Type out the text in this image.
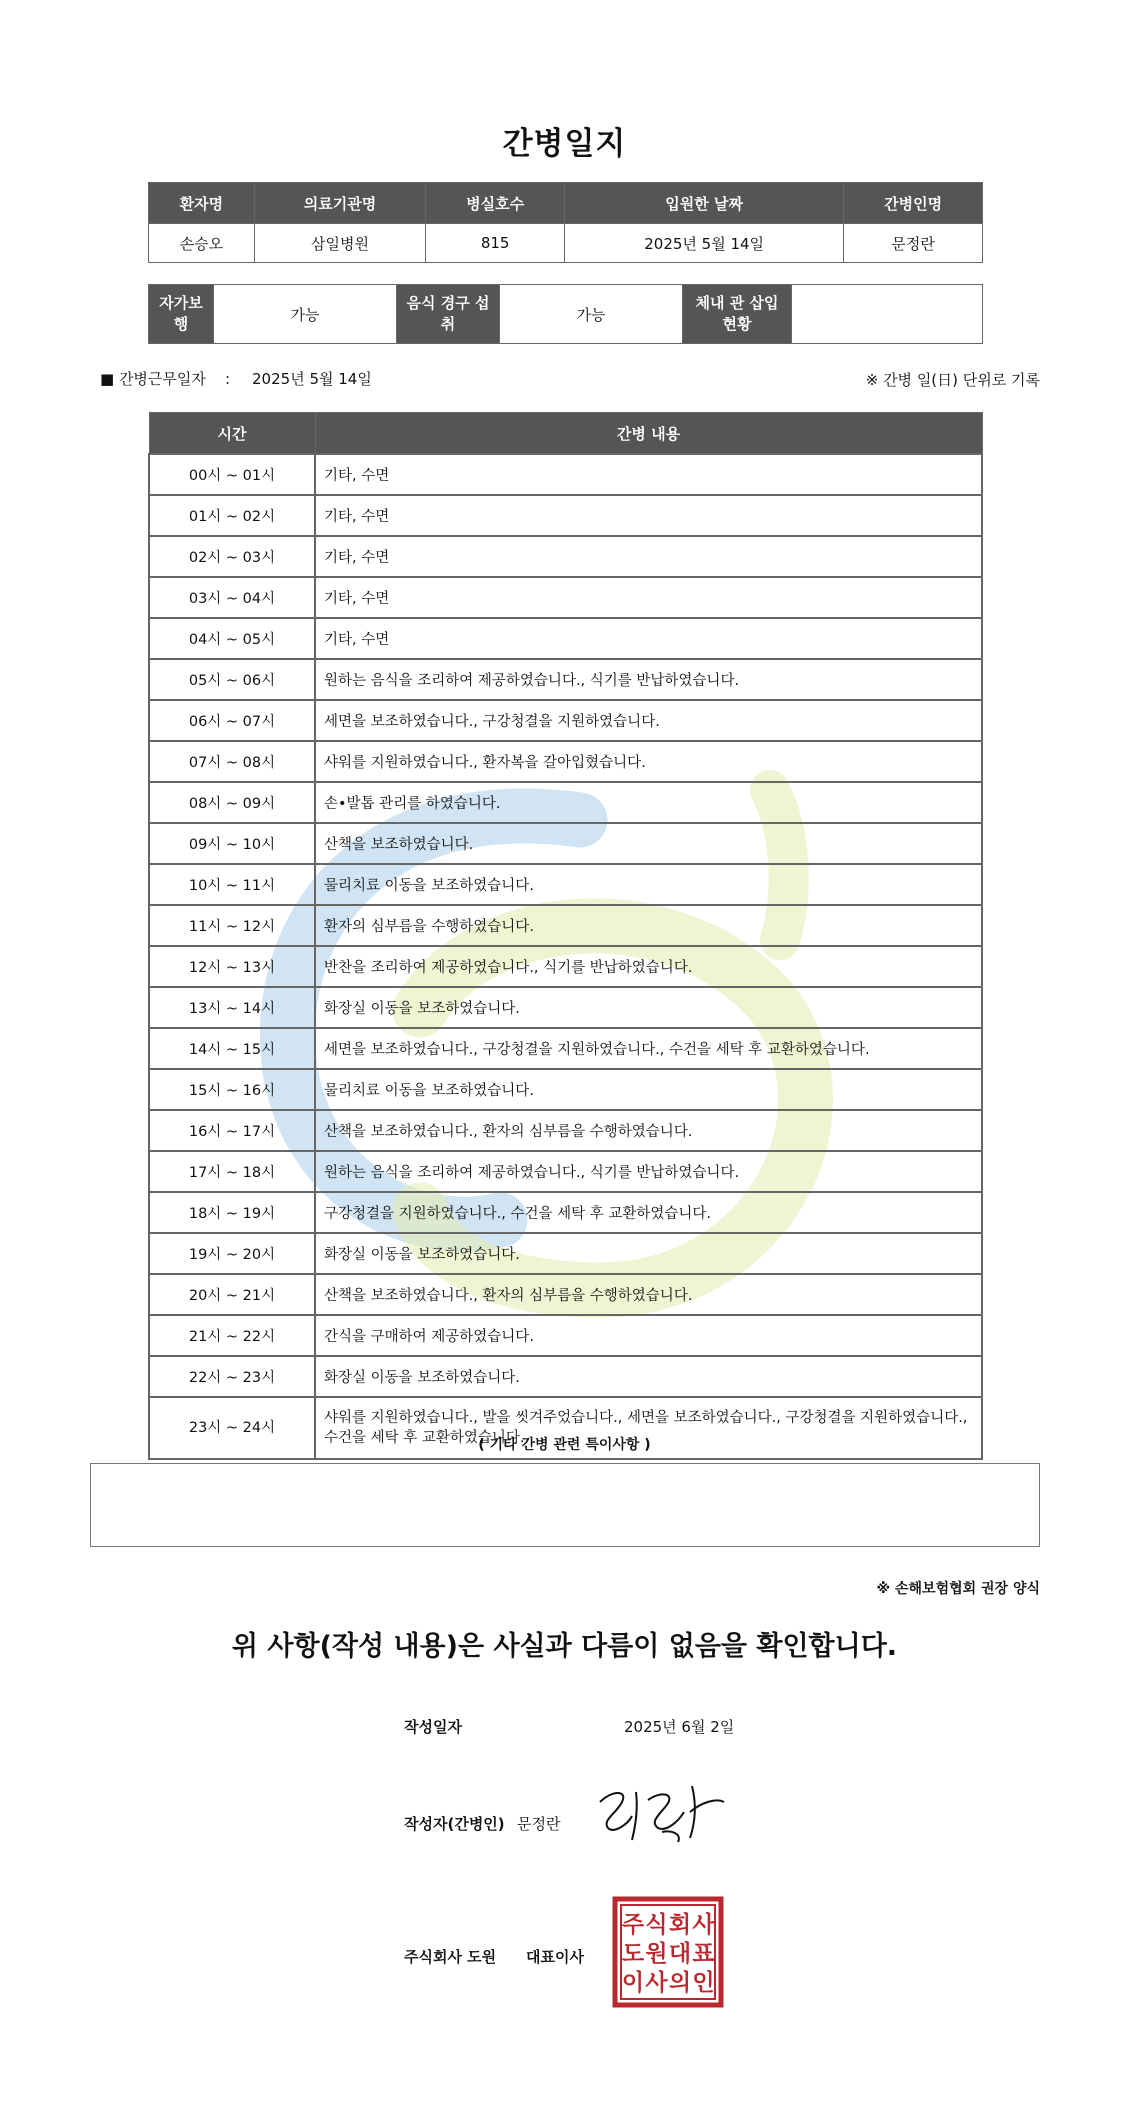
간병일지
환자명	의료기관명	병실호수	입원한 날짜	간병인명
손승오	삼일병원	815	2025년 5월 14일	문정란
자가보행	가능	음식 경구 섭취	가능	체내 관 삽입 현황	
■ 간병근무일자    : 2025년 5월 14일	※ 간병 일(日) 단위로 기록
시간	간병 내용
00시 ~ 01시	기타, 수면
01시 ~ 02시	기타, 수면
02시 ~ 03시	기타, 수면
03시 ~ 04시	기타, 수면
04시 ~ 05시	기타, 수면
05시 ~ 06시	원하는 음식을 조리하여 제공하였습니다., 식기를 반납하였습니다.
06시 ~ 07시	세면을 보조하였습니다., 구강청결을 지원하였습니다.
07시 ~ 08시	샤워를 지원하였습니다., 환자복을 갈아입혔습니다.
08시 ~ 09시	손•발톱 관리를 하였습니다.
09시 ~ 10시	산책을 보조하였습니다.
10시 ~ 11시	물리치료 이동을 보조하였습니다.
11시 ~ 12시	환자의 심부름을 수행하였습니다.
12시 ~ 13시	반찬을 조리하여 제공하였습니다., 식기를 반납하였습니다.
13시 ~ 14시	화장실 이동을 보조하였습니다.
14시 ~ 15시	세면을 보조하였습니다., 구강청결을 지원하였습니다., 수건을 세탁 후 교환하였습니다.
15시 ~ 16시	물리치료 이동을 보조하였습니다.
16시 ~ 17시	산책을 보조하였습니다., 환자의 심부름을 수행하였습니다.
17시 ~ 18시	원하는 음식을 조리하여 제공하였습니다., 식기를 반납하였습니다.
18시 ~ 19시	구강청결을 지원하였습니다., 수건을 세탁 후 교환하였습니다.
19시 ~ 20시	화장실 이동을 보조하였습니다.
20시 ~ 21시	산책을 보조하였습니다., 환자의 심부름을 수행하였습니다.
21시 ~ 22시	간식을 구매하여 제공하였습니다.
22시 ~ 23시	화장실 이동을 보조하였습니다.
23시 ~ 24시	샤워를 지원하였습니다., 발을 씻겨주었습니다., 세면을 보조하였습니다., 구강청결을 지원하였습니다., 수건을 세탁 후 교환하였습니다.
( 기타 간병 관련 특이사항 )
※ 손해보험협회 권장 양식
위 사항(작성 내용)은 사실과 다름이 없음을 확인합니다.
작성일자	2025년 6월 2일
작성자(간병인) 문정란
주식회사 도원 대표이사
주 식 회 사
도 원 대 표
이 사 의 인
